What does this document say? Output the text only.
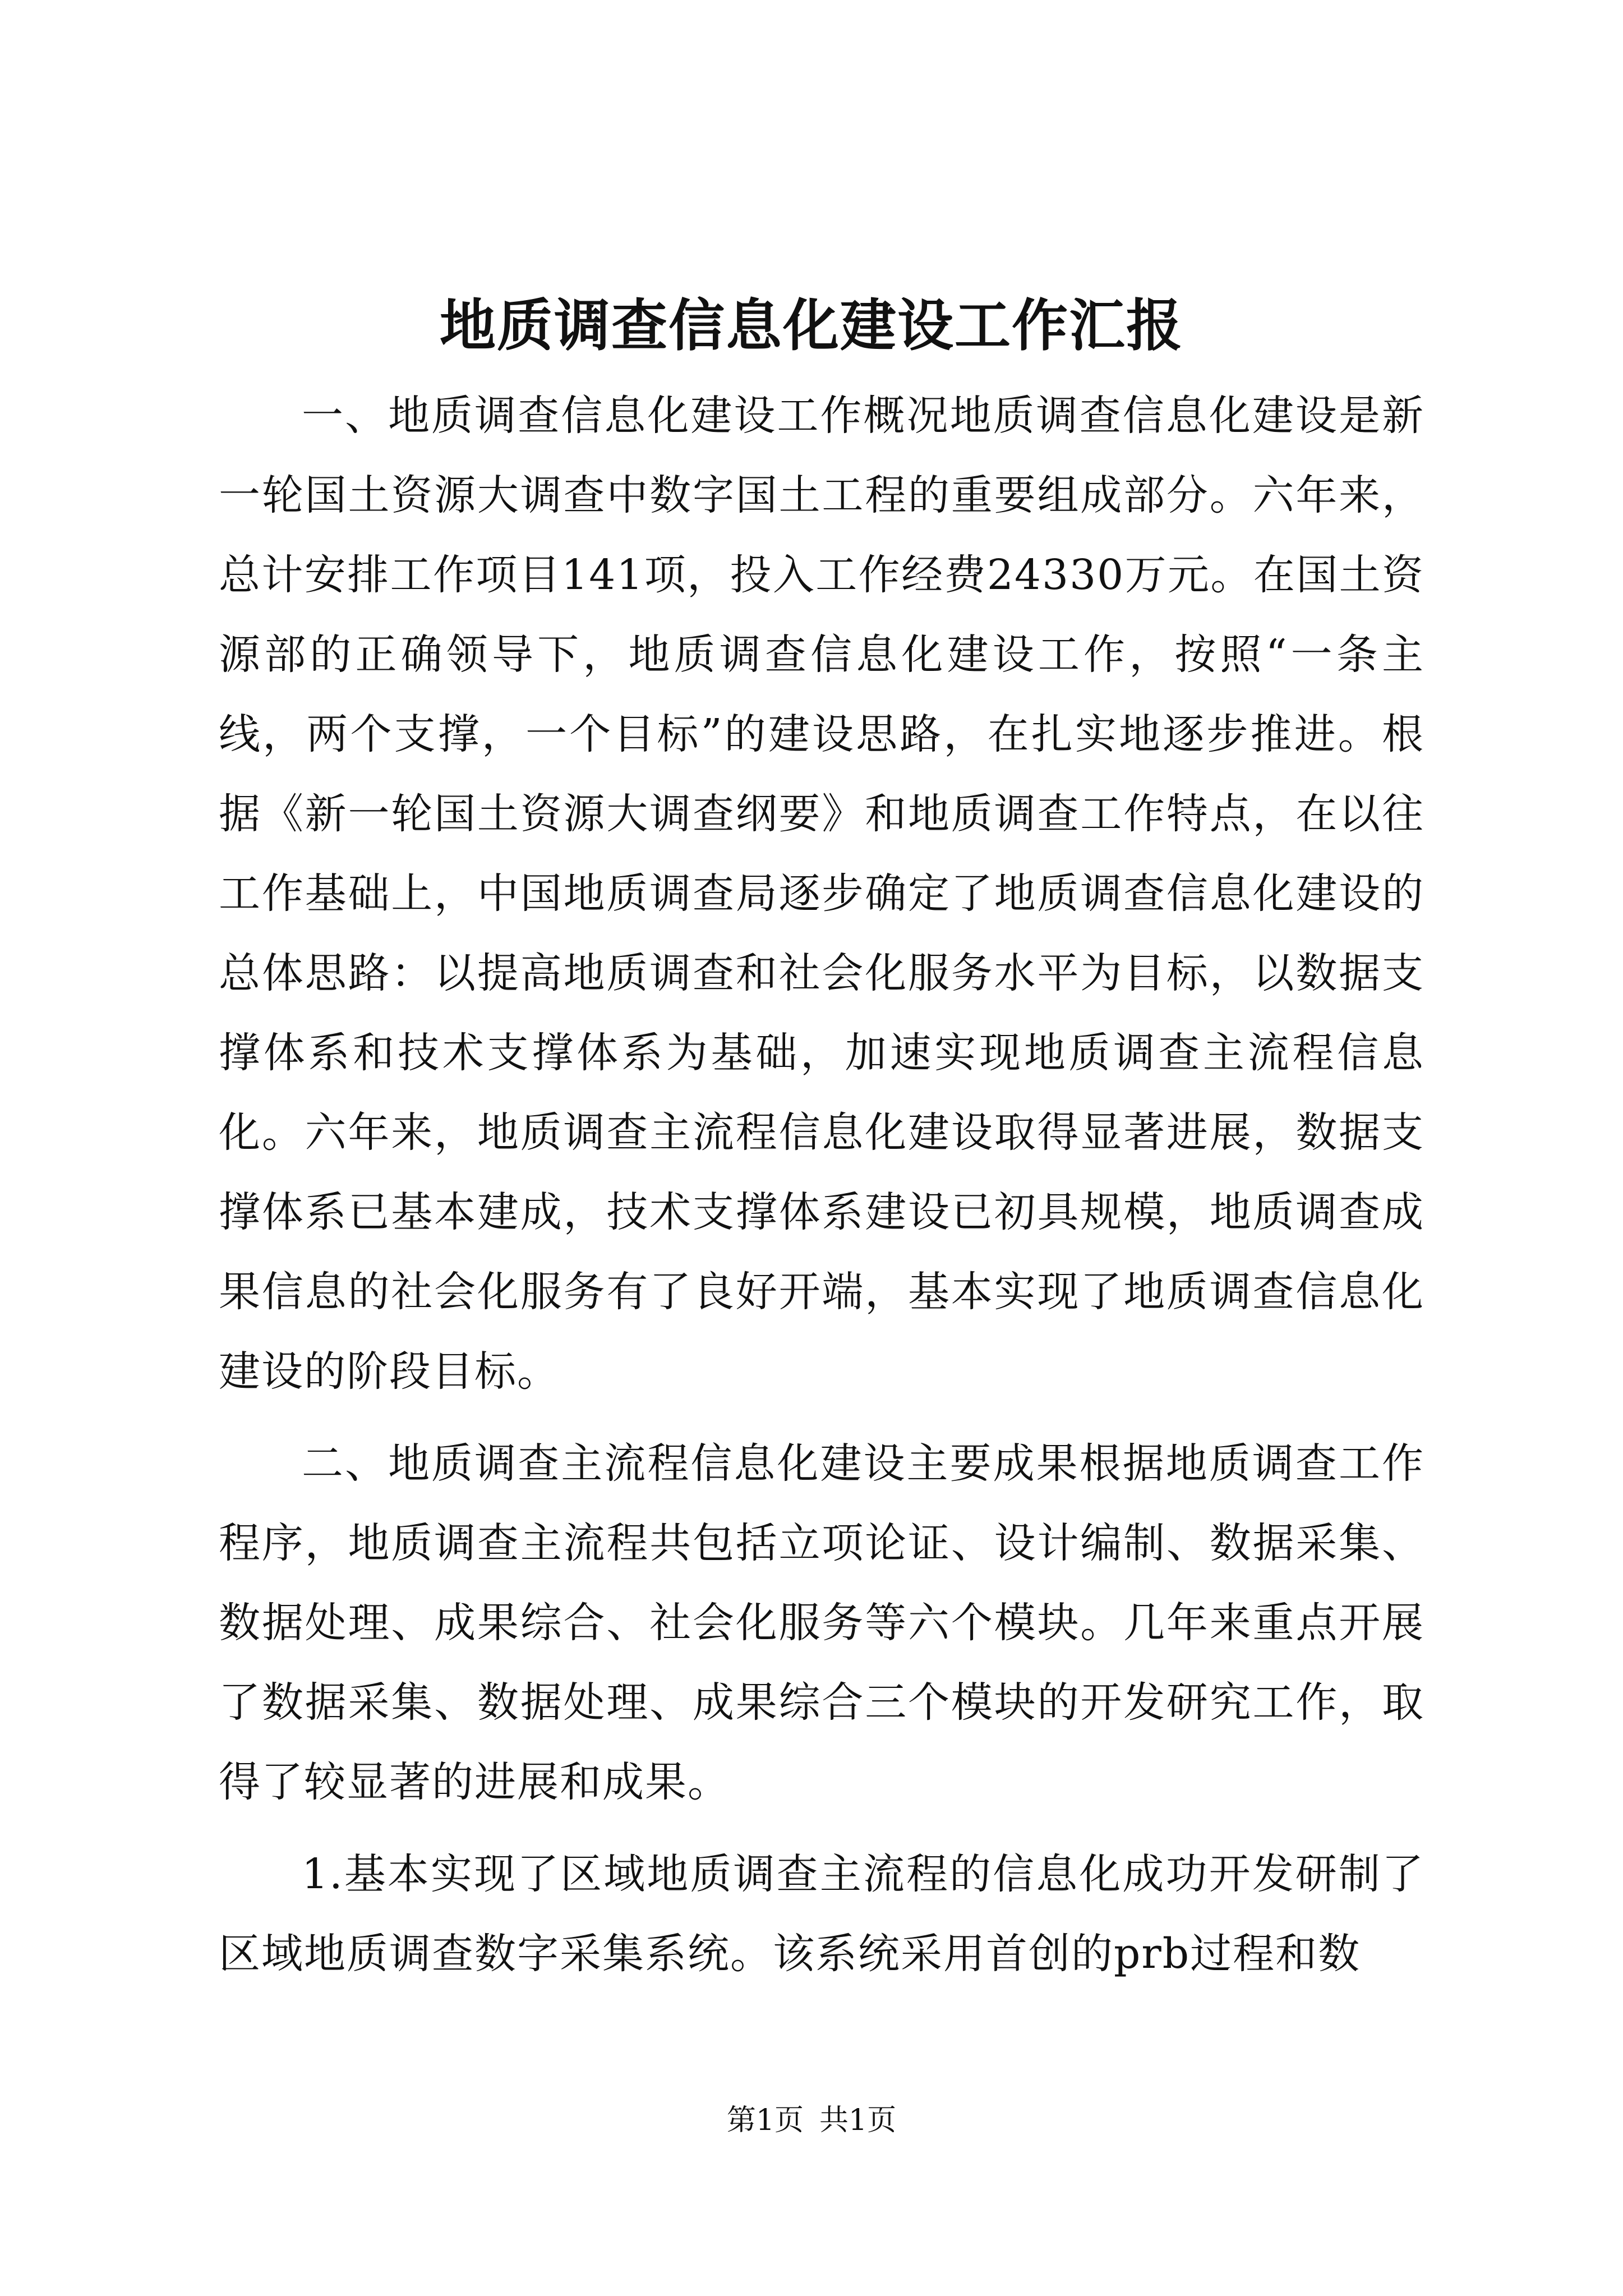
地质调查信息化建设工作汇报

一、地质调查信息化建设工作概况地质调查信息化建设是新一轮国土资源大调查中数字国土工程的重要组成部分。六年来，总计安排工作项目141项，投入工作经费24330万元。在国土资源部的正确领导下，地质调查信息化建设工作，按照“一条主线，两个支撑，一个目标”的建设思路，在扎实地逐步推进。根据《新一轮国土资源大调查纲要》和地质调查工作特点，在以往工作基础上，中国地质调查局逐步确定了地质调查信息化建设的总体思路：以提高地质调查和社会化服务水平为目标，以数据支撑体系和技术支撑体系为基础，加速实现地质调查主流程信息化。六年来，地质调查主流程信息化建设取得显著进展，数据支撑体系已基本建成，技术支撑体系建设已初具规模，地质调查成果信息的社会化服务有了良好开端，基本实现了地质调查信息化建设的阶段目标。

二、地质调查主流程信息化建设主要成果根据地质调查工作程序，地质调查主流程共包括立项论证、设计编制、数据采集、数据处理、成果综合、社会化服务等六个模块。几年来重点开展了数据采集、数据处理、成果综合三个模块的开发研究工作，取得了较显著的进展和成果。

1.基本实现了区域地质调查主流程的信息化成功开发研制了区域地质调查数字采集系统。该系统采用首创的prb过程和数

第1页 共1页
